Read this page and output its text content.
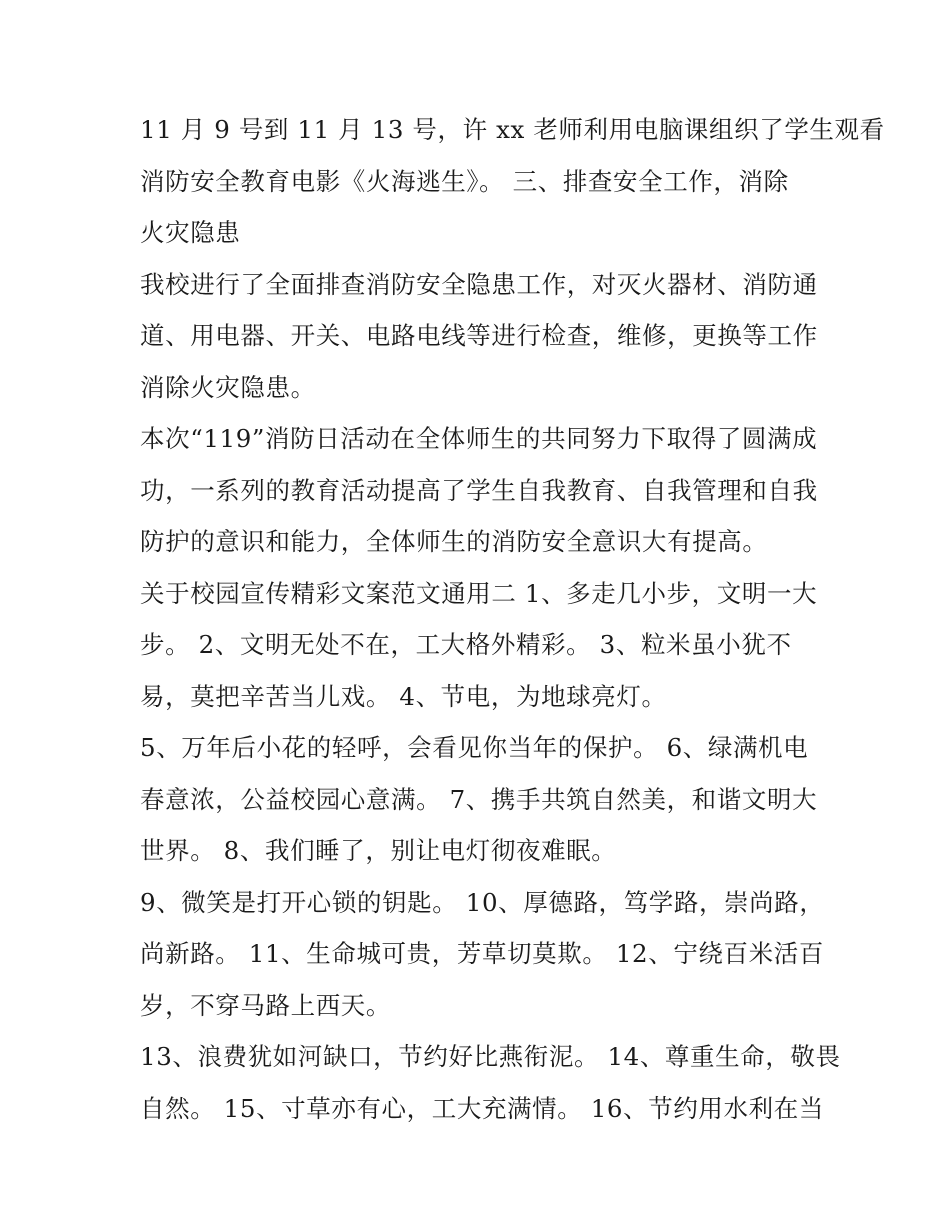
11 月 9 号到 11 月 13 号，许 xx 老师利用电脑课组织了学生观看
消防安全教育电影《火海逃生》。 三、排查安全工作，消除
火灾隐患
我校进行了全面排查消防安全隐患工作，对灭火器材、消防通
道、用电器、开关、电路电线等进行检查，维修，更换等工作
消除火灾隐患。
本次“119”消防日活动在全体师生的共同努力下取得了圆满成
功，一系列的教育活动提高了学生自我教育、自我管理和自我
防护的意识和能力，全体师生的消防安全意识大有提高。
关于校园宣传精彩文案范文通用二 1、多走几小步，文明一大
步。 2、文明无处不在，工大格外精彩。 3、粒米虽小犹不
易，莫把辛苦当儿戏。 4、节电，为地球亮灯。
5、万年后小花的轻呼，会看见你当年的保护。 6、绿满机电
春意浓，公益校园心意满。 7、携手共筑自然美，和谐文明大
世界。 8、我们睡了，别让电灯彻夜难眠。
9、微笑是打开心锁的钥匙。 10、厚德路，笃学路，崇尚路，
尚新路。 11、生命城可贵，芳草切莫欺。 12、宁绕百米活百
岁，不穿马路上西天。
13、浪费犹如河缺口，节约好比燕衔泥。 14、尊重生命，敬畏
自然。 15、寸草亦有心，工大充满情。 16、节约用水利在当
